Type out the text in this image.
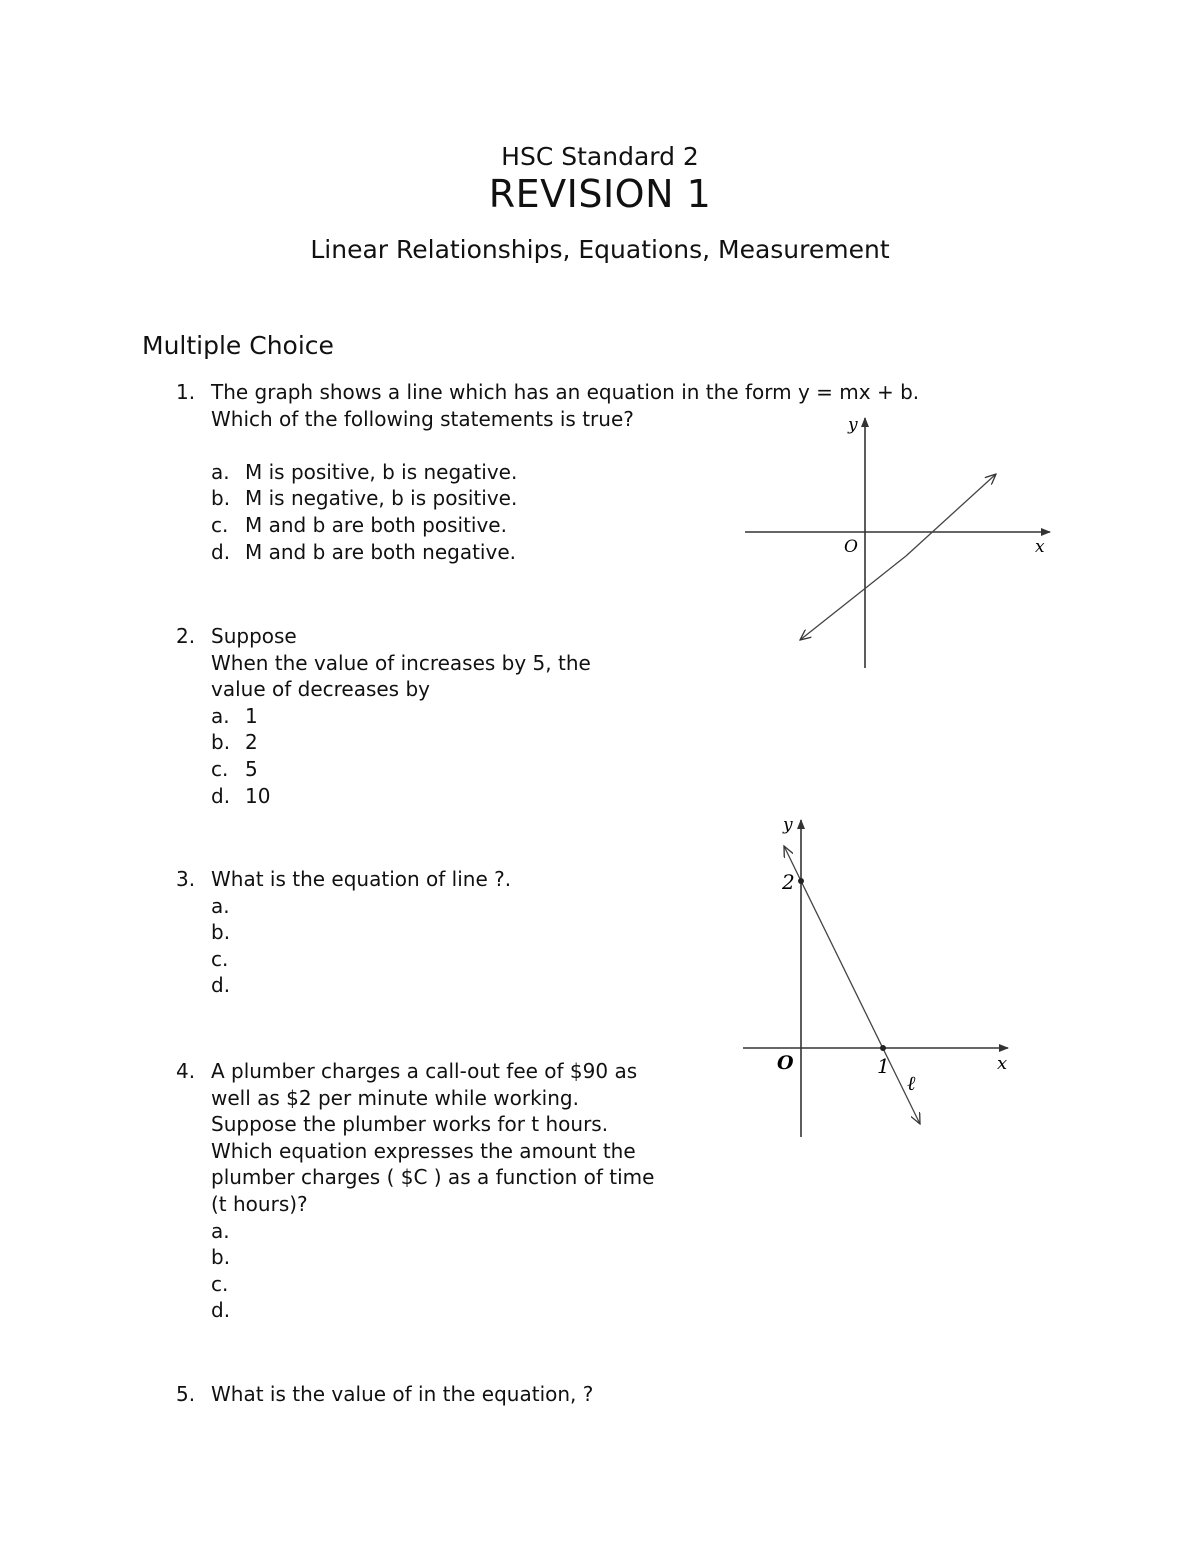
HSC Standard 2
REVISION 1
Linear Relationships, Equations, Measurement
Multiple Choice
1. The graph shows a line which has an equation in the form y = mx + b.
Which of the following statements is true?
a. M is positive, b is negative.
b. M is negative, b is positive.
c. M and b are both positive.
d. M and b are both negative.
2. Suppose
When the value of increases by 5, the
value of decreases by
a. 1
b. 2
c. 5
d. 10
3. What is the equation of line ?.
a.
b.
c.
d.
4. A plumber charges a call-out fee of $90 as
well as $2 per minute while working.
Suppose the plumber works for t hours.
Which equation expresses the amount the
plumber charges ( $C ) as a function of time
(t hours)?
a.
b.
c.
d.
5. What is the value of in the equation, ?
x
y
O
x
y
O
2
1
ℓ
